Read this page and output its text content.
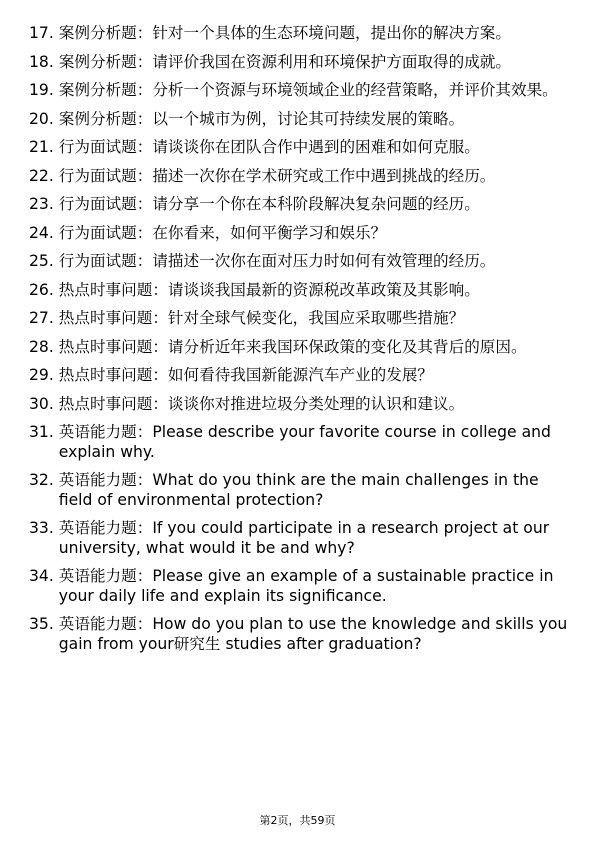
17. 案例分析题：针对一个具体的生态环境问题，提出你的解决方案。
18. 案例分析题：请评价我国在资源利用和环境保护方面取得的成就。
19. 案例分析题：分析一个资源与环境领域企业的经营策略，并评价其效果。
20. 案例分析题：以一个城市为例，讨论其可持续发展的策略。
21. 行为面试题：请谈谈你在团队合作中遇到的困难和如何克服。
22. 行为面试题：描述一次你在学术研究或工作中遇到挑战的经历。
23. 行为面试题：请分享一个你在本科阶段解决复杂问题的经历。
24. 行为面试题：在你看来，如何平衡学习和娱乐？
25. 行为面试题：请描述一次你在面对压力时如何有效管理的经历。
26. 热点时事问题：请谈谈我国最新的资源税改革政策及其影响。
27. 热点时事问题：针对全球气候变化，我国应采取哪些措施？
28. 热点时事问题：请分析近年来我国环保政策的变化及其背后的原因。
29. 热点时事问题：如何看待我国新能源汽车产业的发展？
30. 热点时事问题：谈谈你对推进垃圾分类处理的认识和建议。
31. 英语能力题：Please describe your favorite course in college and explain why.
32. 英语能力题：What do you think are the main challenges in the field of environmental protection?
33. 英语能力题：If you could participate in a research project at our university, what would it be and why?
34. 英语能力题：Please give an example of a sustainable practice in your daily life and explain its significance.
35. 英语能力题：How do you plan to use the knowledge and skills you gain from your研究生 studies after graduation?
第2页，共59页
